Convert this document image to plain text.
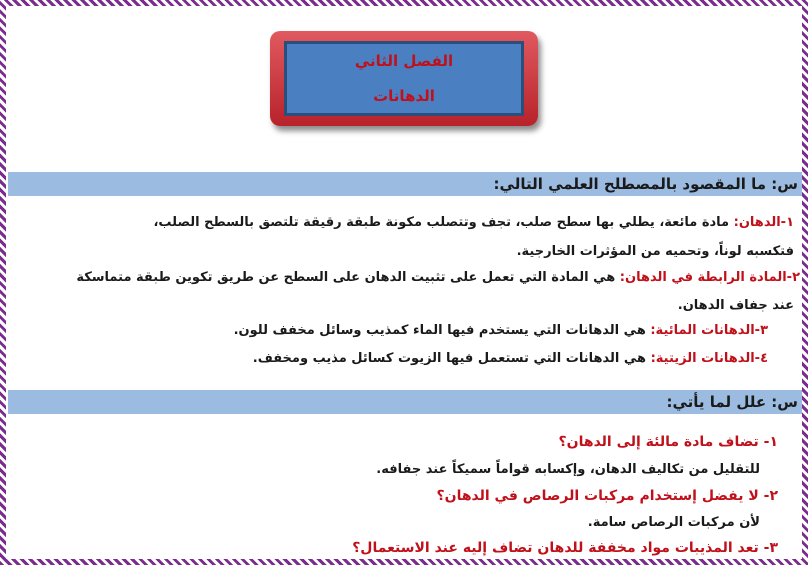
الفصل الثاني
الدهانات
س: ما المقصود بالمصطلح العلمي التالي:
١-الدهان: مادة مائعة، يطلي بها سطح صلب، تجف وتتصلب مكونة طبقة رقيقة تلتصق بالسطح الصلب،
فتكسبه لوناً، وتحميه من المؤثرات الخارجية.
٢-المادة الرابطة في الدهان: هي المادة التي تعمل على تثبيت الدهان على السطح عن طريق تكوين طبقة متماسكة
عند جفاف الدهان.
٣-الدهانات المائية: هي الدهانات التي يستخدم فيها الماء كمذيب وسائل مخفف للون.
٤-الدهانات الزيتية: هي الدهانات التي تستعمل فيها الزيوت كسائل مذيب ومخفف.
س: علل لما يأتي:
١- تضاف مادة مالئة إلى الدهان؟
للتقليل من تكاليف الدهان، وإكسابه قواماً سميكاً عند جفافه.
٢- لا يفضل إستخدام مركبات الرصاص في الدهان؟
لأن مركبات الرصاص سامة.
٣- تعد المذيبات مواد مخففة للدهان تضاف إليه عند الاستعمال؟
